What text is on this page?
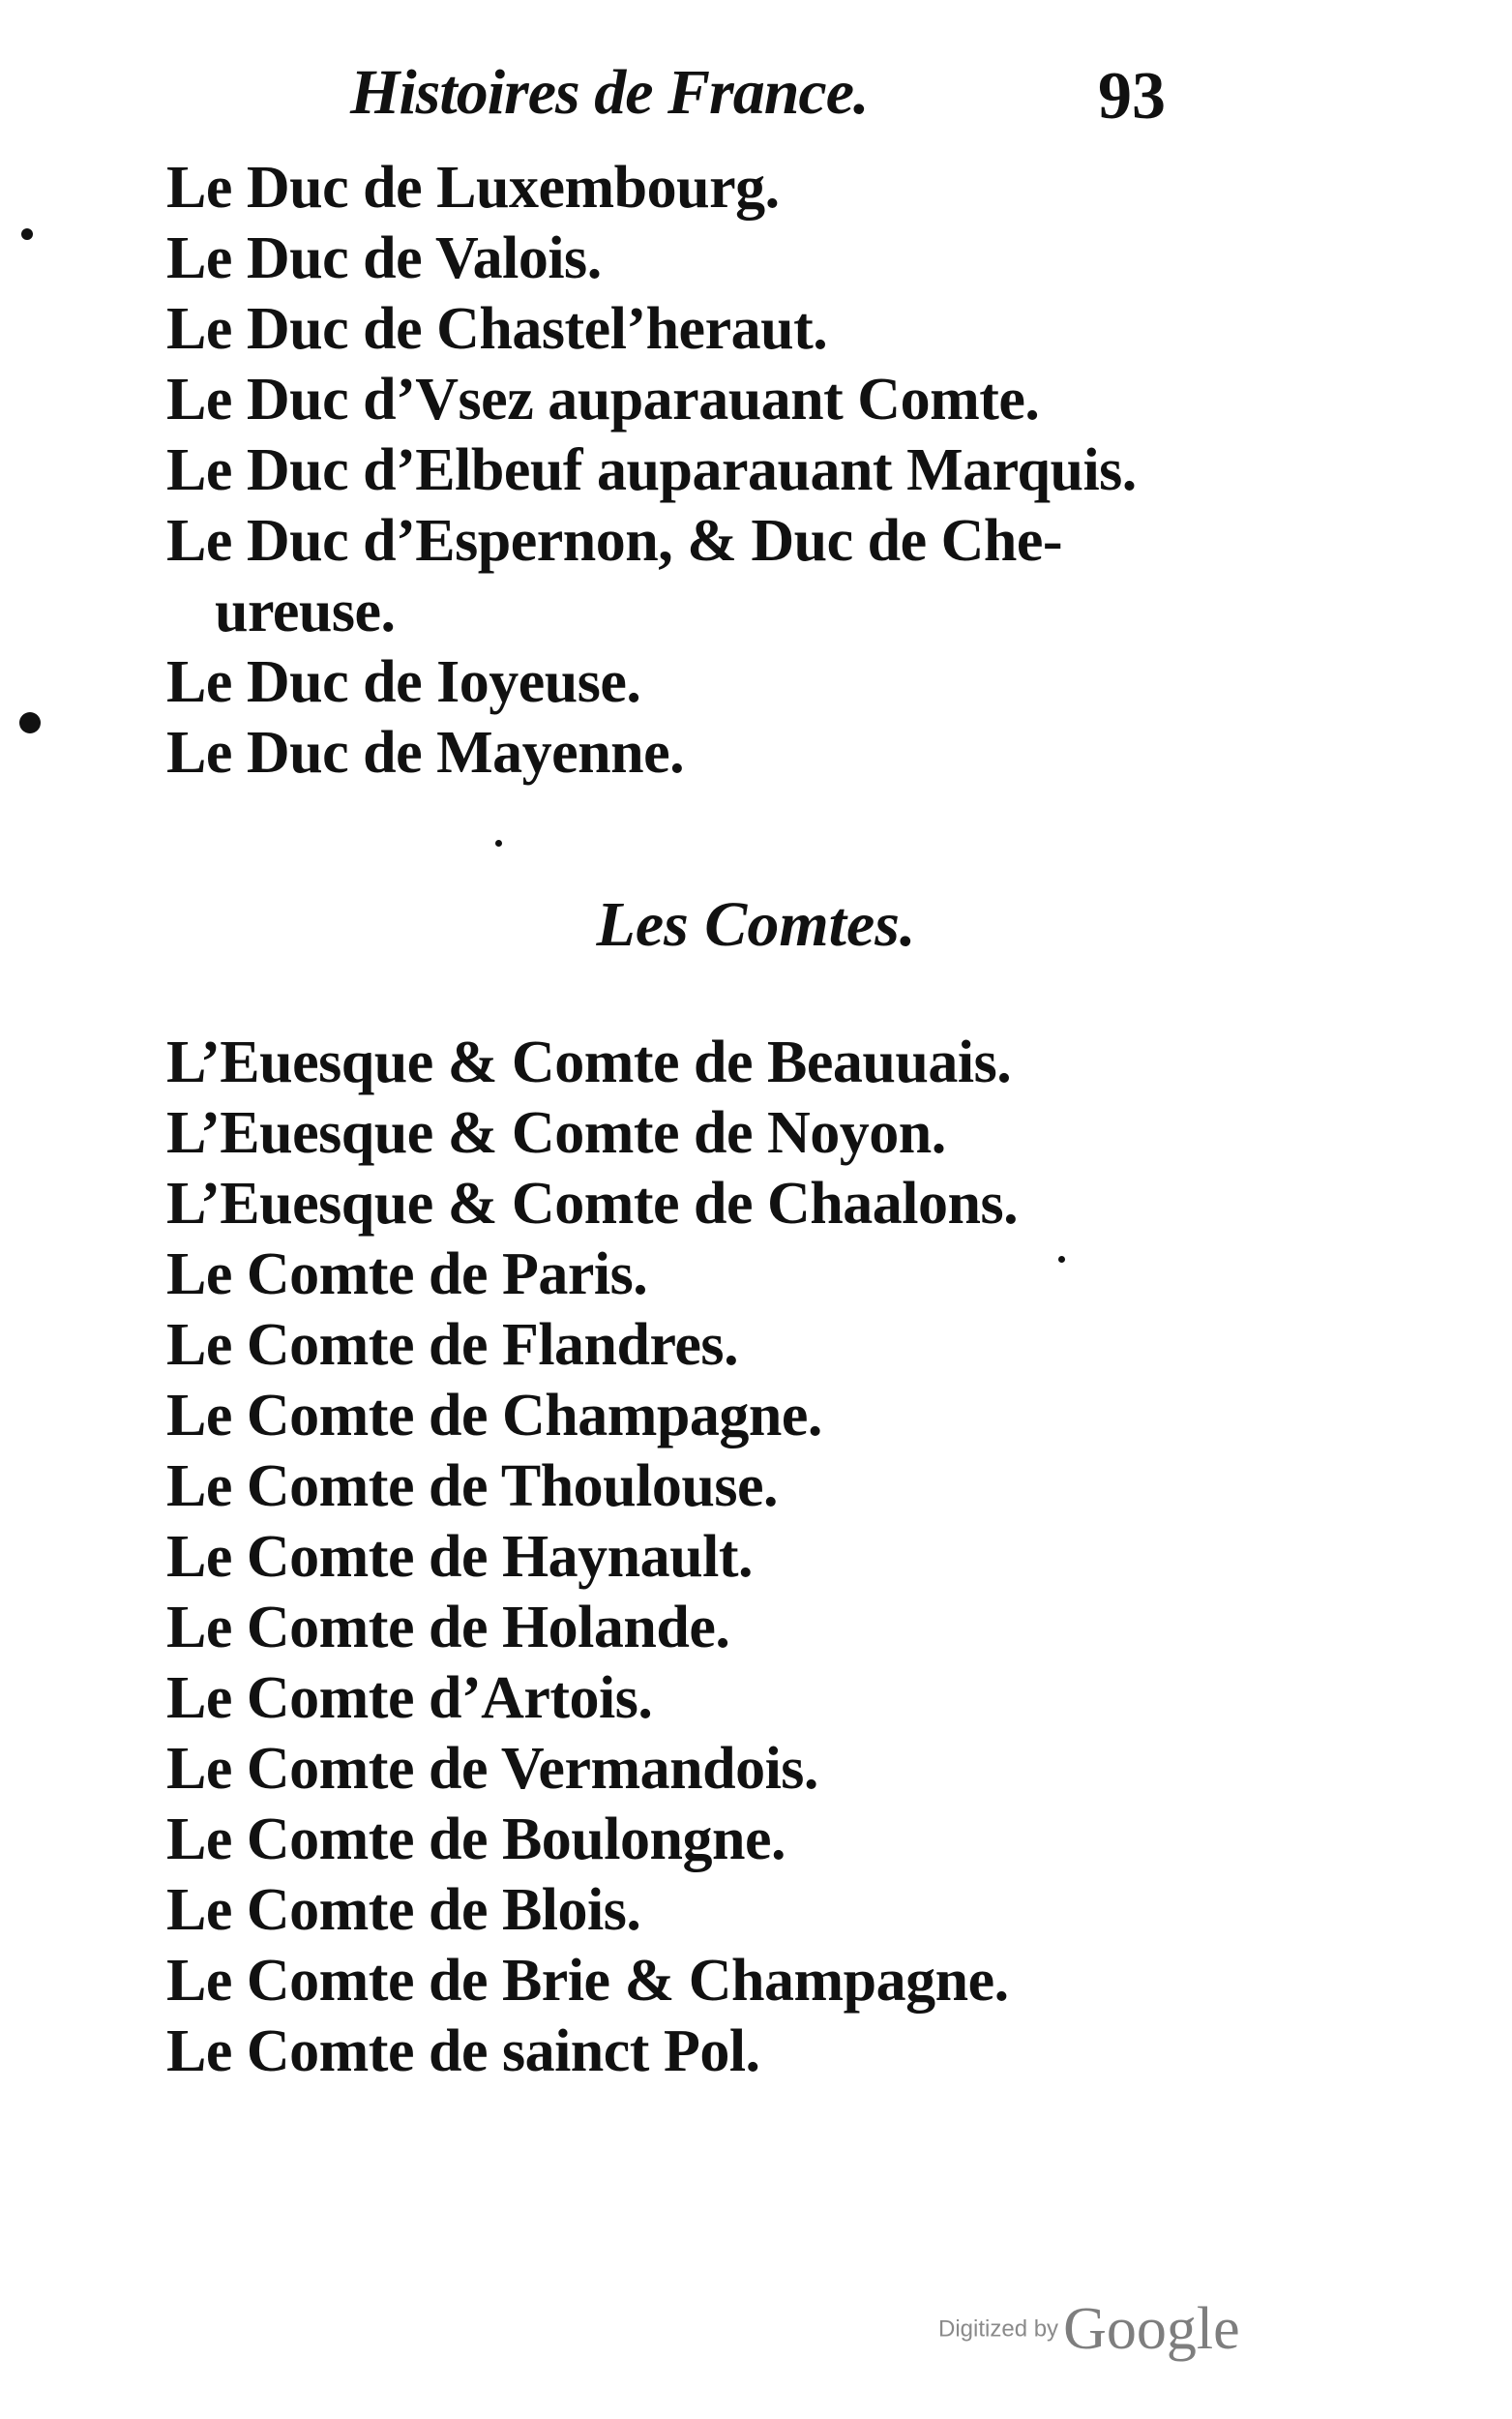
Histoires de France.	93
Le Duc de Luxembourg.
Le Duc de Valois.
Le Duc de Chastel’heraut.
Le Duc d’Vsez auparauant Comte.
Le Duc d’Elbeuf auparauant Marquis.
Le Duc d’Espernon, & Duc de Che-
ureuse.
Le Duc de Ioyeuse.
Le Duc de Mayenne.
Les Comtes.
L’Euesque & Comte de Beauuais.
L’Euesque & Comte de Noyon.
L’Euesque & Comte de Chaalons.
Le Comte de Paris.
Le Comte de Flandres.
Le Comte de Champagne.
Le Comte de Thoulouse.
Le Comte de Haynault.
Le Comte de Holande.
Le Comte d’Artois.
Le Comte de Vermandois.
Le Comte de Boulongne.
Le Comte de Blois.
Le Comte de Brie & Champagne.
Le Comte de sainct Pol.
Digitized by Google
